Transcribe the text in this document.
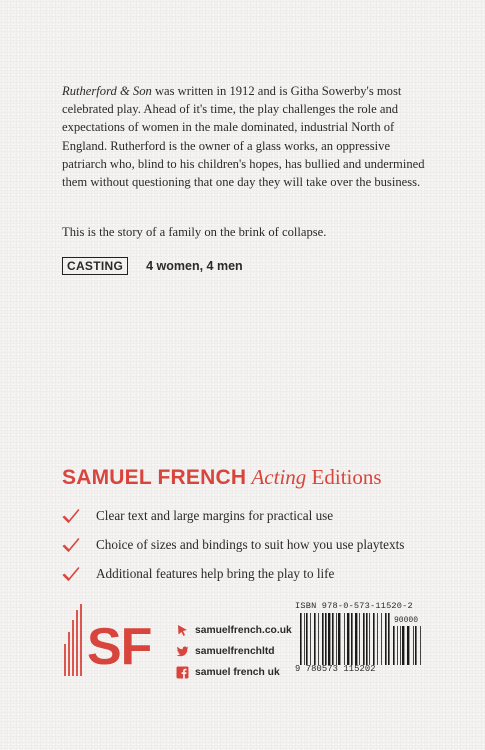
Rutherford & Son was written in 1912 and is Githa Sowerby's most celebrated play. Ahead of it's time, the play challenges the role and expectations of women in the male dominated, industrial North of England. Rutherford is the owner of a glass works, an oppressive patriarch who, blind to his children's hopes, has bullied and undermined them without questioning that one day they will take over the business.

This is the story of a family on the brink of collapse.

CASTING	4 women, 4 men
SAMUEL FRENCH Acting Editions
Clear text and large margins for practical use
Choice of sizes and bindings to suit how you use playtexts
Additional features help bring the play to life
SF	samuelfrench.co.uk
samuelfrenchltd
samuel french uk
ISBN 978-0-573-11520-2
90000
9 780573 115202
